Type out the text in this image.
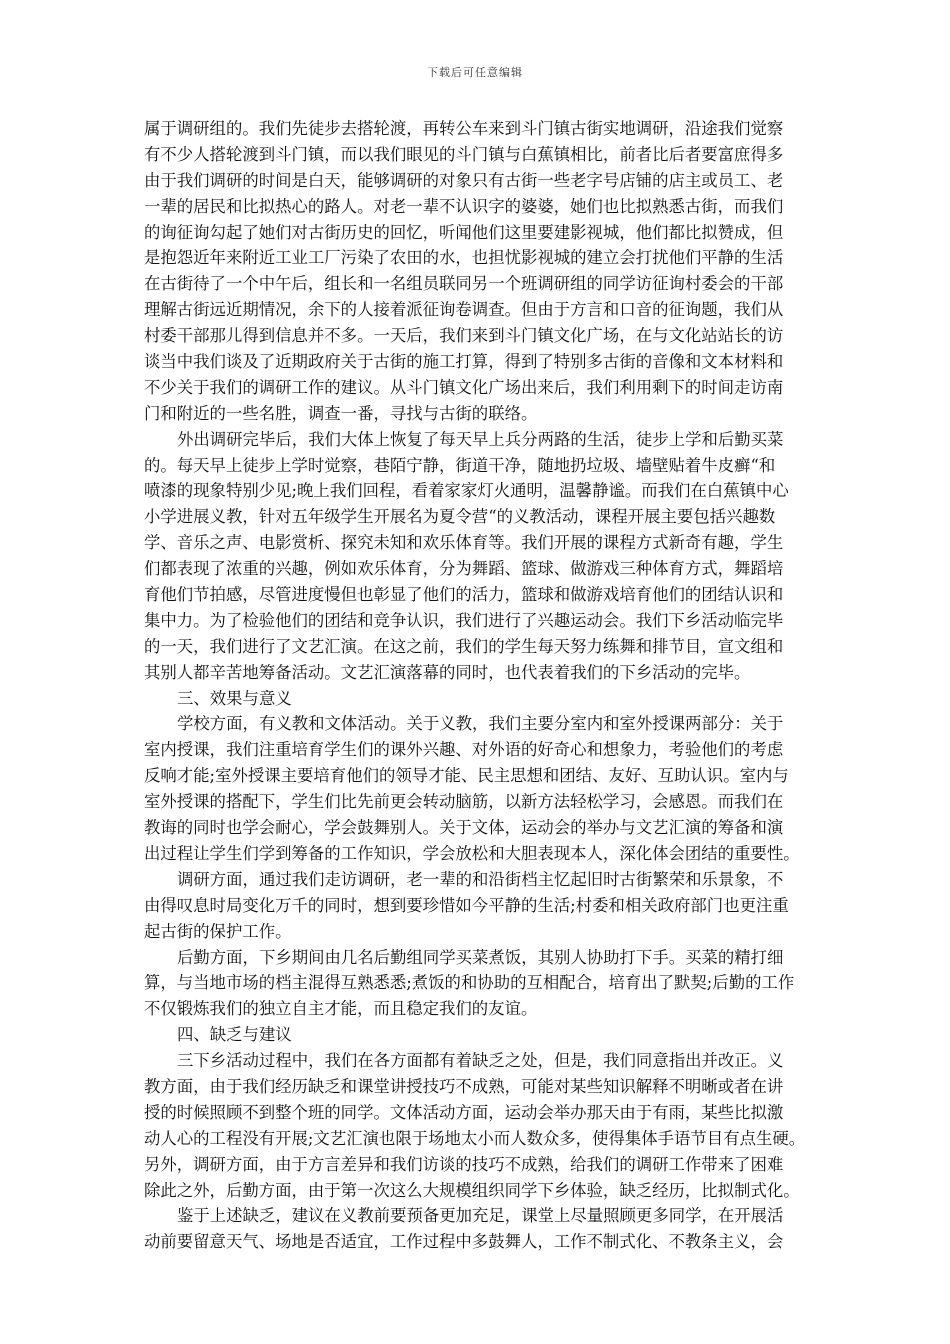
下载后可任意编辑
属于调研组的。我们先徒步去搭轮渡，再转公车来到斗门镇古街实地调研，沿途我们觉察
有不少人搭轮渡到斗门镇，而以我们眼见的斗门镇与白蕉镇相比，前者比后者要富庶得多
由于我们调研的时间是白天，能够调研的对象只有古街一些老字号店铺的店主或员工、老
一辈的居民和比拟热心的路人。对老一辈不认识字的婆婆，她们也比拟熟悉古街，而我们
的询征询勾起了她们对古街历史的回忆，听闻他们这里要建影视城，他们都比拟赞成，但
是抱怨近年来附近工业工厂污染了农田的水，也担忧影视城的建立会打扰他们平静的生活
在古街待了一个中午后，组长和一名组员联同另一个班调研组的同学访征询村委会的干部
理解古街远近期情况，余下的人接着派征询卷调查。但由于方言和口音的征询题，我们从
村委干部那儿得到信息并不多。一天后，我们来到斗门镇文化广场，在与文化站站长的访
谈当中我们谈及了近期政府关于古街的施工打算，得到了特别多古街的音像和文本材料和
不少关于我们的调研工作的建议。从斗门镇文化广场出来后，我们利用剩下的时间走访南
门和附近的一些名胜，调查一番，寻找与古街的联络。
外出调研完毕后，我们大体上恢复了每天早上兵分两路的生活，徒步上学和后勤买菜
的。每天早上徒步上学时觉察，巷陌宁静，街道干净，随地扔垃圾、墙壁贴着牛皮癣“和
喷漆的现象特别少见;晚上我们回程，看着家家灯火通明，温馨静谧。而我们在白蕉镇中心
小学进展义教，针对五年级学生开展名为夏令营“的义教活动，课程开展主要包括兴趣数
学、音乐之声、电影赏析、探究未知和欢乐体育等。我们开展的课程方式新奇有趣，学生
们都表现了浓重的兴趣，例如欢乐体育，分为舞蹈、篮球、做游戏三种体育方式，舞蹈培
育他们节拍感，尽管进度慢但也彰显了他们的活力，篮球和做游戏培育他们的团结认识和
集中力。为了检验他们的团结和竞争认识，我们进行了兴趣运动会。我们下乡活动临完毕
的一天，我们进行了文艺汇演。在这之前，我们的学生每天努力练舞和排节目，宣文组和
其别人都辛苦地筹备活动。文艺汇演落幕的同时，也代表着我们的下乡活动的完毕。
三、效果与意义
学校方面，有义教和文体活动。关于义教，我们主要分室内和室外授课两部分：关于
室内授课，我们注重培育学生们的课外兴趣、对外语的好奇心和想象力，考验他们的考虑
反响才能;室外授课主要培育他们的领导才能、民主思想和团结、友好、互助认识。室内与
室外授课的搭配下，学生们比先前更会转动脑筋，以新方法轻松学习，会感恩。而我们在
教诲的同时也学会耐心，学会鼓舞别人。关于文体，运动会的举办与文艺汇演的筹备和演
出过程让学生们学到筹备的工作知识，学会放松和大胆表现本人，深化体会团结的重要性。
调研方面，通过我们走访调研，老一辈的和沿街档主忆起旧时古街繁荣和乐景象，不
由得叹息时局变化万千的同时，想到要珍惜如今平静的生活;村委和相关政府部门也更注重
起古街的保护工作。
后勤方面，下乡期间由几名后勤组同学买菜煮饭，其别人协助打下手。买菜的精打细
算，与当地市场的档主混得互熟悉悉;煮饭的和协助的互相配合，培育出了默契;后勤的工作
不仅锻炼我们的独立自主才能，而且稳定我们的友谊。
四、缺乏与建议
三下乡活动过程中，我们在各方面都有着缺乏之处，但是，我们同意指出并改正。义
教方面，由于我们经历缺乏和课堂讲授技巧不成熟，可能对某些知识解释不明晰或者在讲
授的时候照顾不到整个班的同学。文体活动方面，运动会举办那天由于有雨，某些比拟激
动人心的工程没有开展;文艺汇演也限于场地太小而人数众多，使得集体手语节目有点生硬。
另外，调研方面，由于方言差异和我们访谈的技巧不成熟，给我们的调研工作带来了困难
除此之外，后勤方面，由于第一次这么大规模组织同学下乡体验，缺乏经历，比拟制式化。
鉴于上述缺乏，建议在义教前要预备更加充足，课堂上尽量照顾更多同学，在开展活
动前要留意天气、场地是否适宜，工作过程中多鼓舞人，工作不制式化、不教条主义，会
